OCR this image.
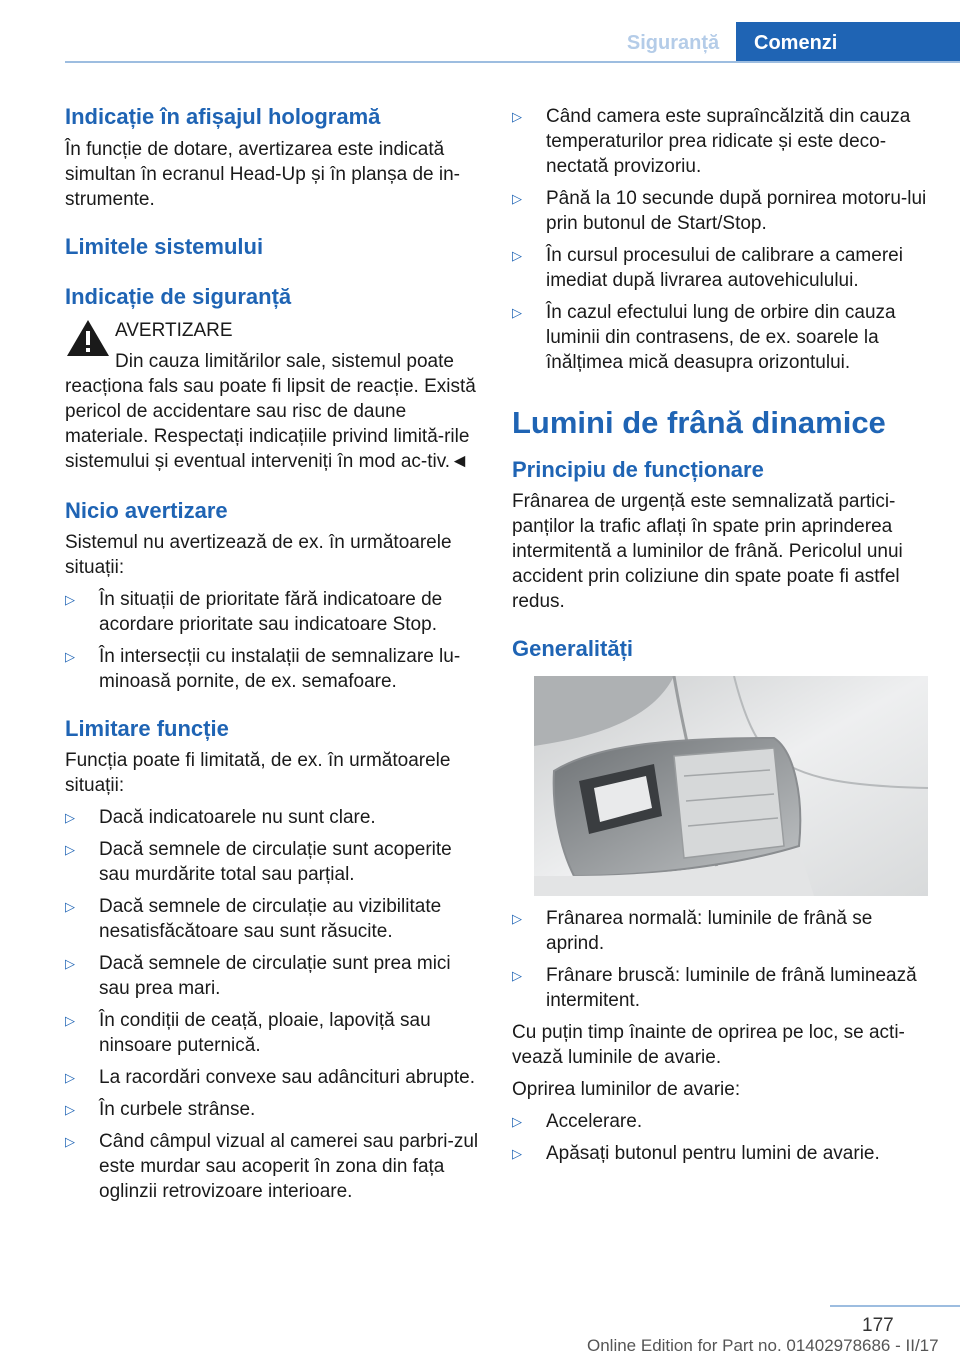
Siguranță	Comenzi
Indicație în afișajul hologramă

În funcție de dotare, avertizarea este indicată simultan în ecranul Head-Up și în planșa de in-strumente.

Limitele sistemului
Indicație de siguranță

AVERTIZARE

Din cauza limitărilor sale, sistemul poate

reacționa fals sau poate fi lipsit de reacție. Există pericol de accidentare sau risc de daune materiale. Respectați indicațiile privind limită-rile sistemului și eventual interveniți în mod ac-tiv.◄

Nicio avertizare

Sistemul nu avertizează de ex. în următoarele situații:

▷	În situații de prioritate fără indicatoare de acordare prioritate sau indicatoare Stop.
▷	În intersecții cu instalații de semnalizare lu-minoasă pornite, de ex. semafoare.
Limitare funcție

Funcția poate fi limitată, de ex. în următoarele situații:

▷	Dacă indicatoarele nu sunt clare.
▷	Dacă semnele de circulație sunt acoperite sau murdărite total sau parțial.
▷	Dacă semnele de circulație au vizibilitate nesatisfăcătoare sau sunt răsucite.
▷	Dacă semnele de circulație sunt prea mici sau prea mari.
▷	În condiții de ceață, ploaie, lapoviță sau ninsoare puternică.
▷	La racordări convexe sau adâncituri abrupte.
▷	În curbele strânse.
▷	Când câmpul vizual al camerei sau parbri-zul este murdar sau acoperit în zona din fața oglinzii retrovizoare interioare.
▷	Când camera este supraîncălzită din cauza temperaturilor prea ridicate și este deco-nectată provizoriu.
▷	Până la 10 secunde după pornirea motoru-lui prin butonul de Start/Stop.
▷	În cursul procesului de calibrare a camerei imediat după livrarea autovehiculului.
▷	În cazul efectului lung de orbire din cauza luminii din contrasens, de ex. soarele la înălțimea mică deasupra orizontului.
Lumini de frână dinamice
Principiu de funcționare

Frânarea de urgență este semnalizată partici-panților la trafic aflați în spate prin aprinderea intermitentă a luminilor de frână. Pericolul unui accident prin coliziune din spate poate fi astfel redus.

Generalități
▷	Frânarea normală: luminile de frână se aprind.
▷	Frânare bruscă: luminile de frână luminează intermitent.

Cu puțin timp înainte de oprirea pe loc, se acti-vează luminile de avarie.

Oprirea luminilor de avarie:

▷	Accelerare.
▷	Apăsați butonul pentru lumini de avarie.
177
Online Edition for Part no. 01402978686 - II/17
